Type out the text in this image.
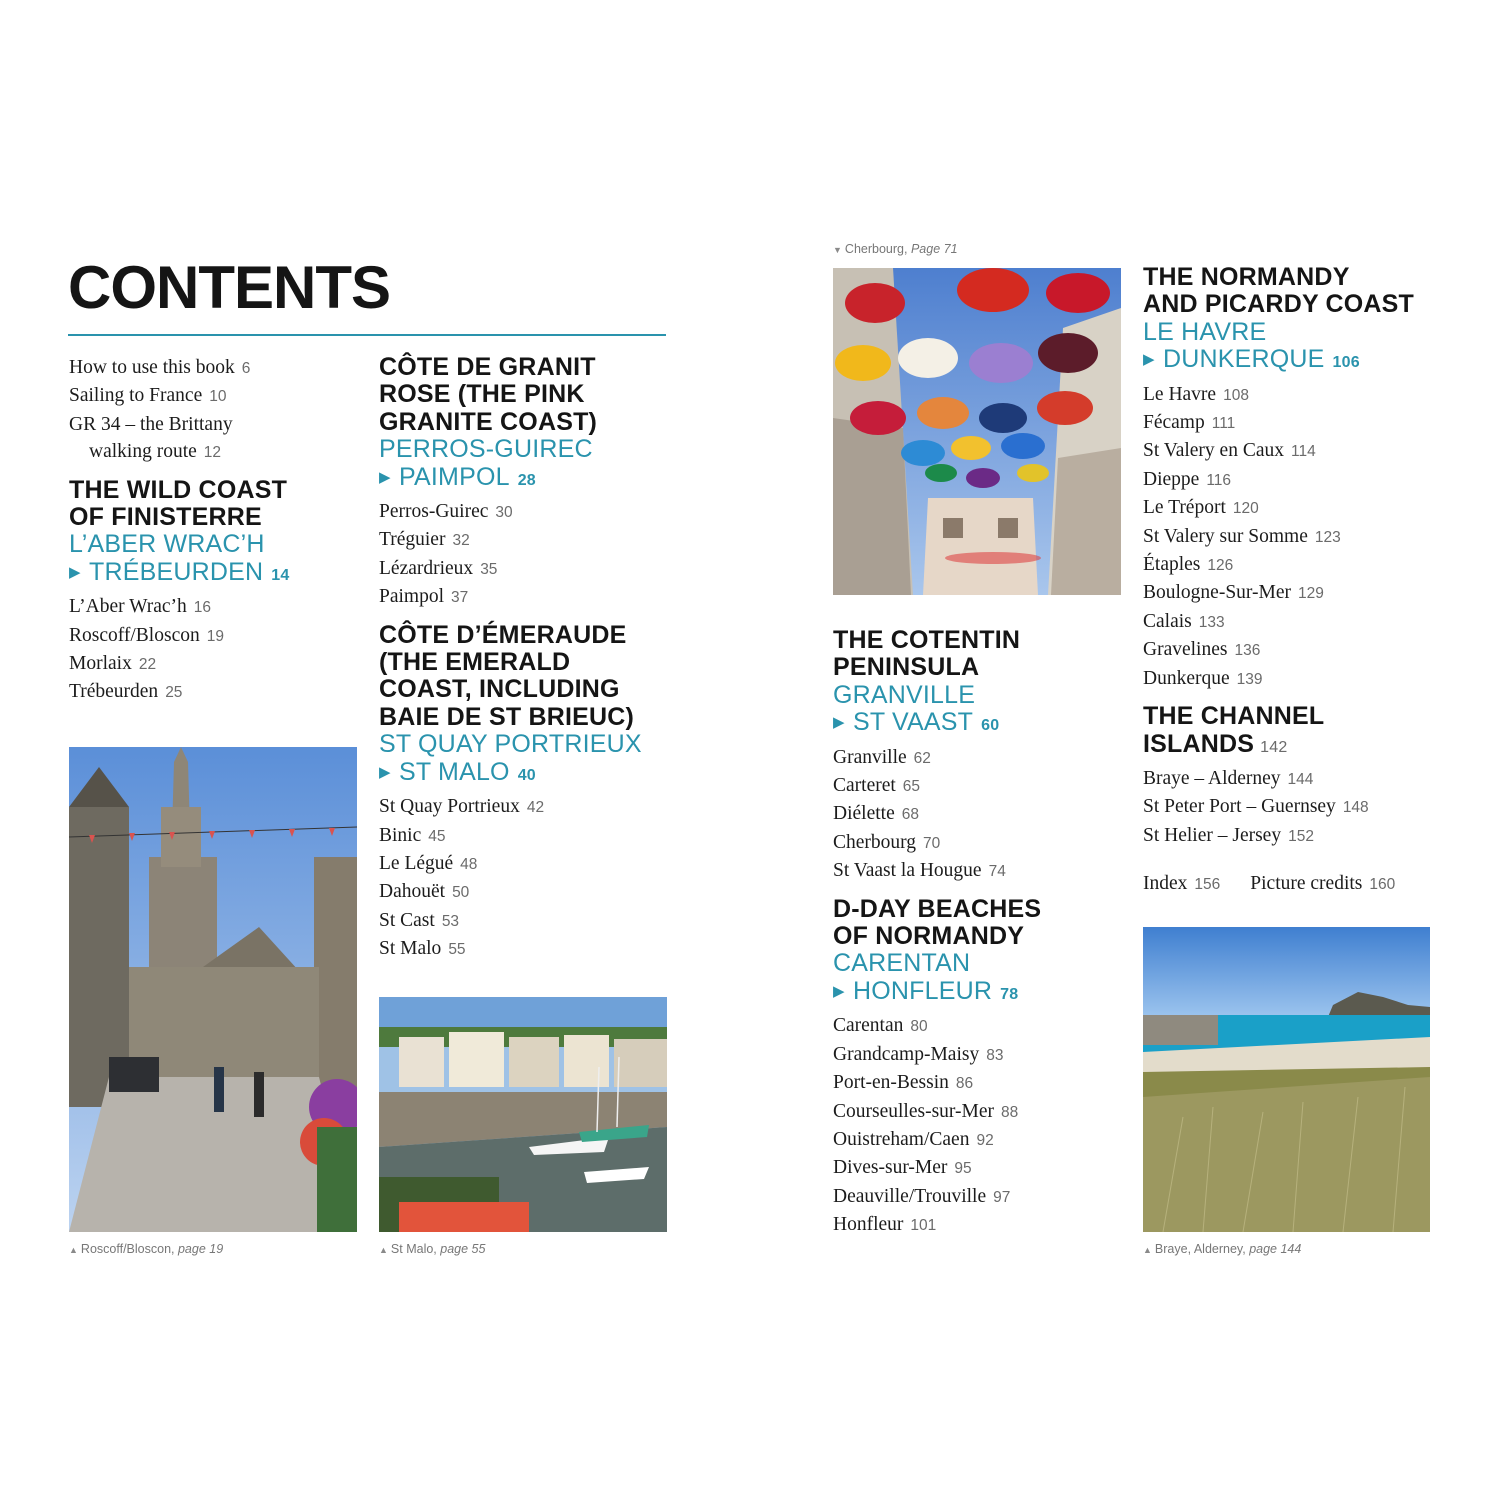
CONTENTS
How to use this book 6
Sailing to France 10
GR 34 – the Brittany
walking route 12
THE WILD COAST
OF FINISTERRE
L’ABER WRAC’H
▶ TRÉBEURDEN 14
L’Aber Wrac’h 16
Roscoff/Bloscon 19
Morlaix 22
Trébeurden 25
CÔTE DE GRANIT
ROSE (THE PINK
GRANITE COAST)
PERROS-GUIREC
▶ PAIMPOL 28
Perros-Guirec 30
Tréguier 32
Lézardrieux 35
Paimpol 37
CÔTE D’ÉMERAUDE
(THE EMERALD
COAST, INCLUDING
BAIE DE ST BRIEUC)
ST QUAY PORTRIEUX
▶ ST MALO 40
St Quay Portrieux 42
Binic 45
Le Légué 48
Dahouët 50
St Cast 53
St Malo 55
THE COTENTIN
PENINSULA
GRANVILLE
▶ ST VAAST 60
Granville 62
Carteret 65
Diélette 68
Cherbourg 70
St Vaast la Hougue 74
D-DAY BEACHES
OF NORMANDY
CARENTAN
▶ HONFLEUR 78
Carentan 80
Grandcamp-Maisy 83
Port-en-Bessin 86
Courseulles-sur-Mer 88
Ouistreham/Caen 92
Dives-sur-Mer 95
Deauville/Trouville 97
Honfleur 101
THE NORMANDY
AND PICARDY COAST
LE HAVRE
▶ DUNKERQUE 106
Le Havre 108
Fécamp 111
St Valery en Caux 114
Dieppe 116
Le Tréport 120
St Valery sur Somme 123
Étaples 126
Boulogne-Sur-Mer 129
Calais 133
Gravelines 136
Dunkerque 139
THE CHANNEL
ISLANDS 142
Braye – Alderney 144
St Peter Port – Guernsey 148
St Helier – Jersey 152
Index 156 Picture credits 160
▼ Cherbourg, Page 71
▲ Roscoff/Bloscon, page 19	▲ St Malo, page 55	▲ Braye, Alderney, page 144
